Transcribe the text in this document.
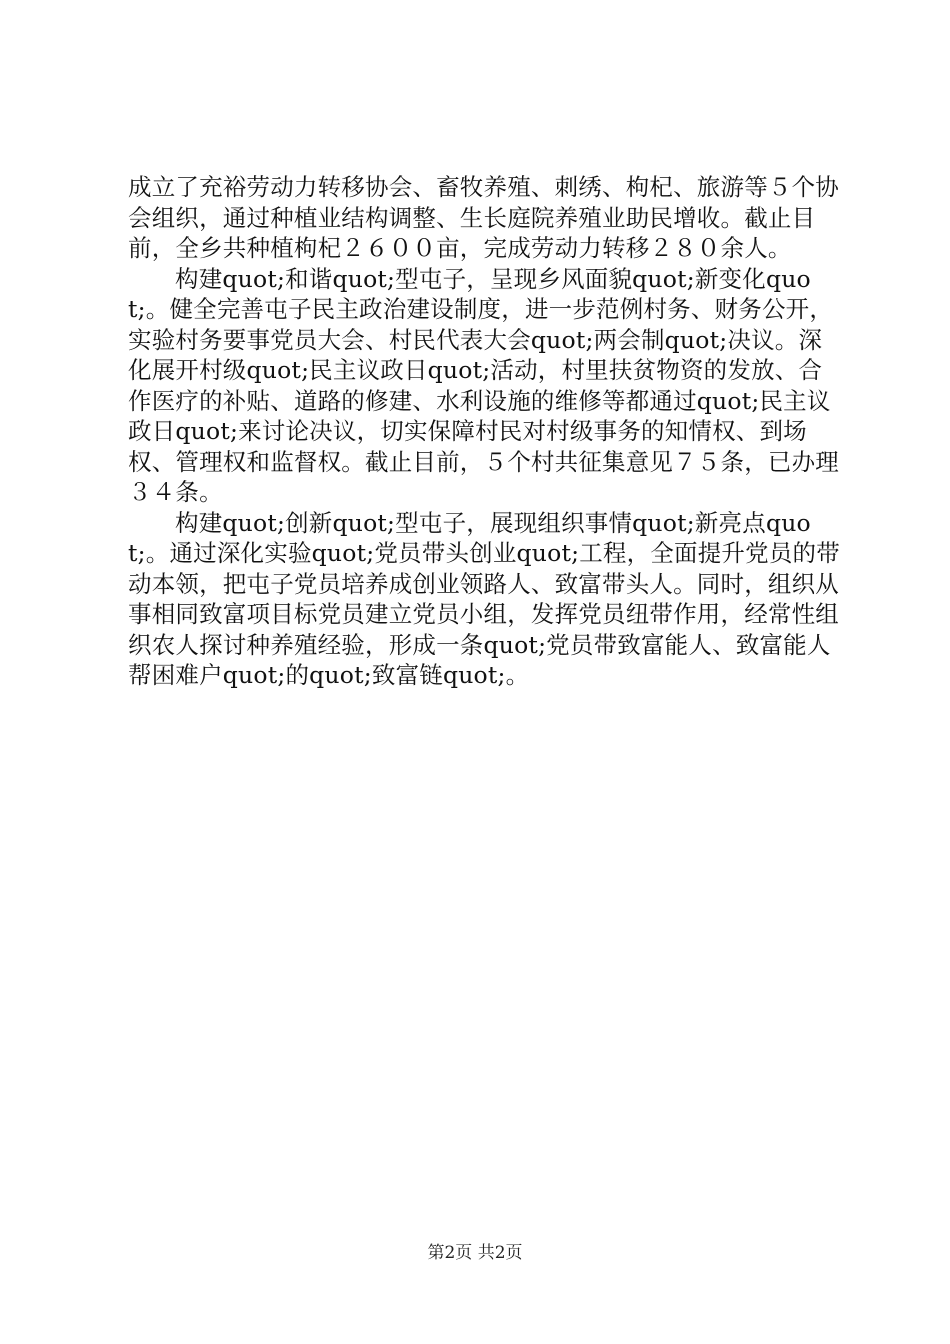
成立了充裕劳动力转移协会、畜牧养殖、刺绣、枸杞、旅游等５个协会组织，通过种植业结构调整、生长庭院养殖业助民增收。截止目前，全乡共种植枸杞２６００亩，完成劳动力转移２８０余人。

构建quot;和谐quot;型屯子，呈现乡风面貌quot;新变化quot;。健全完善屯子民主政治建设制度，进一步范例村务、财务公开，实验村务要事党员大会、村民代表大会quot;两会制quot;决议。深化展开村级quot;民主议政日quot;活动，村里扶贫物资的发放、合作医疗的补贴、道路的修建、水利设施的维修等都通过quot;民主议政日quot;来讨论决议，切实保障村民对村级事务的知情权、到场权、管理权和监督权。截止目前，５个村共征集意见７５条，已办理３４条。

构建quot;创新quot;型屯子，展现组织事情quot;新亮点quot;。通过深化实验quot;党员带头创业quot;工程，全面提升党员的带动本领，把屯子党员培养成创业领路人、致富带头人。同时，组织从事相同致富项目标党员建立党员小组，发挥党员纽带作用，经常性组织农人探讨种养殖经验，形成一条quot;党员带致富能人、致富能人帮困难户quot;的quot;致富链quot;。

第2页 共2页
